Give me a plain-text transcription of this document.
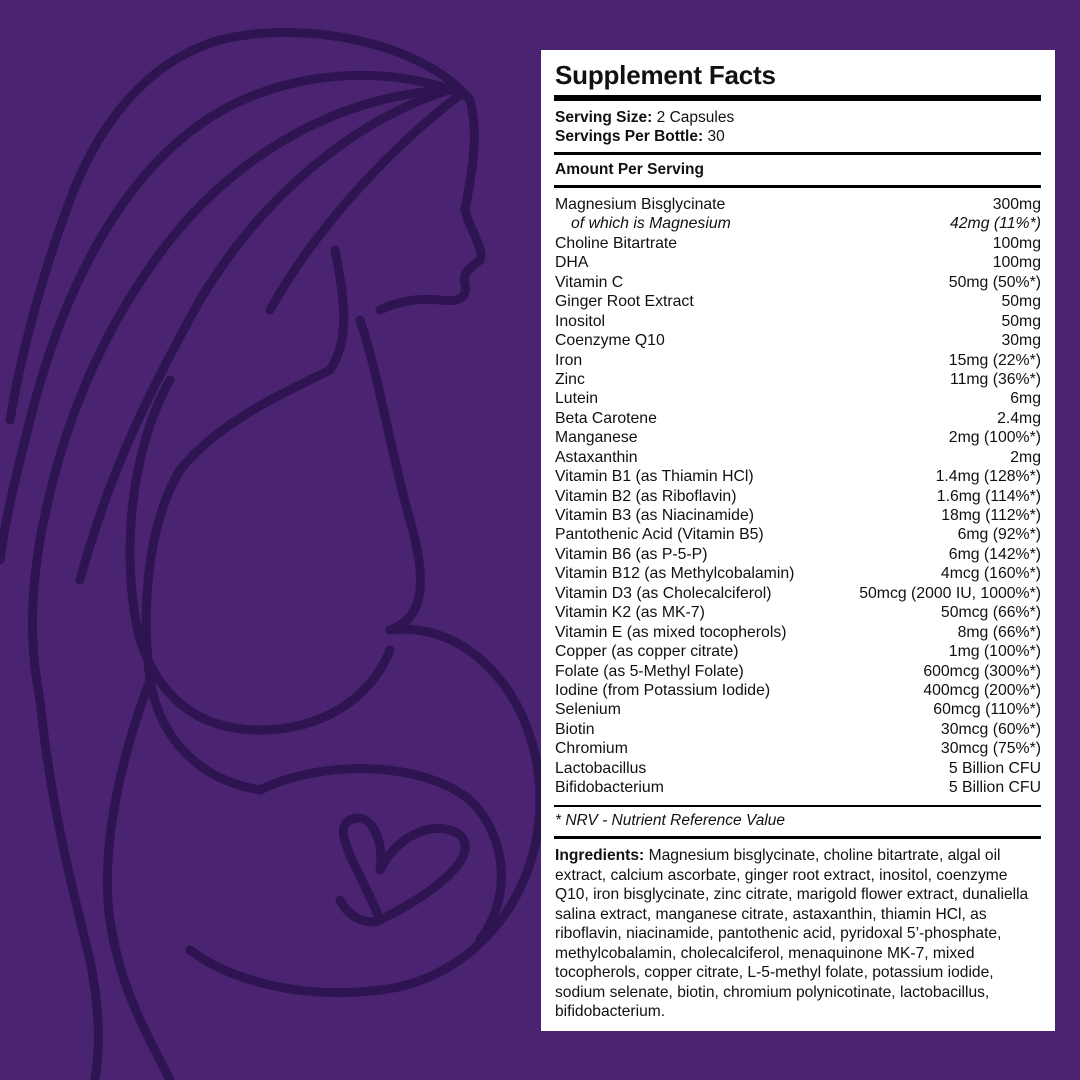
Supplement Facts
Serving Size: 2 Capsules
Servings Per Bottle: 30
Amount Per Serving
Magnesium Bisglycinate	300mg
of which is Magnesium	42mg (11%*)
Choline Bitartrate	100mg
DHA	100mg
Vitamin C	50mg (50%*)
Ginger Root Extract	50mg
Inositol	50mg
Coenzyme Q10	30mg
Iron	15mg (22%*)
Zinc	11mg (36%*)
Lutein	6mg
Beta Carotene	2.4mg
Manganese	2mg (100%*)
Astaxanthin	2mg
Vitamin B1 (as Thiamin HCl)	1.4mg (128%*)
Vitamin B2 (as Riboflavin)	1.6mg (114%*)
Vitamin B3 (as Niacinamide)	18mg (112%*)
Pantothenic Acid (Vitamin B5)	6mg (92%*)
Vitamin B6 (as P-5-P)	6mg (142%*)
Vitamin B12 (as Methylcobalamin)	4mcg (160%*)
Vitamin D3 (as Cholecalciferol)	50mcg (2000 IU, 1000%*)
Vitamin K2 (as MK-7)	50mcg (66%*)
Vitamin E (as mixed tocopherols)	8mg (66%*)
Copper (as copper citrate)	1mg (100%*)
Folate (as 5-Methyl Folate)	600mcg (300%*)
Iodine (from Potassium Iodide)	400mcg (200%*)
Selenium	60mcg (110%*)
Biotin	30mcg (60%*)
Chromium	30mcg (75%*)
Lactobacillus	5 Billion CFU
Bifidobacterium	5 Billion CFU
* NRV - Nutrient Reference Value
Ingredients: Magnesium bisglycinate, choline bitartrate, algal oil extract, calcium ascorbate, ginger root extract, inositol, coenzyme Q10, iron bisglycinate, zinc citrate, marigold flower extract, dunaliella salina extract, manganese citrate, astaxanthin, thiamin HCl, as riboflavin, niacinamide, pantothenic acid, pyridoxal 5’-phosphate, methylcobalamin, cholecalciferol, menaquinone MK-7, mixed tocopherols, copper citrate, L-5-methyl folate, potassium iodide, sodium selenate, biotin, chromium polynicotinate, lactobacillus, bifidobacterium.
